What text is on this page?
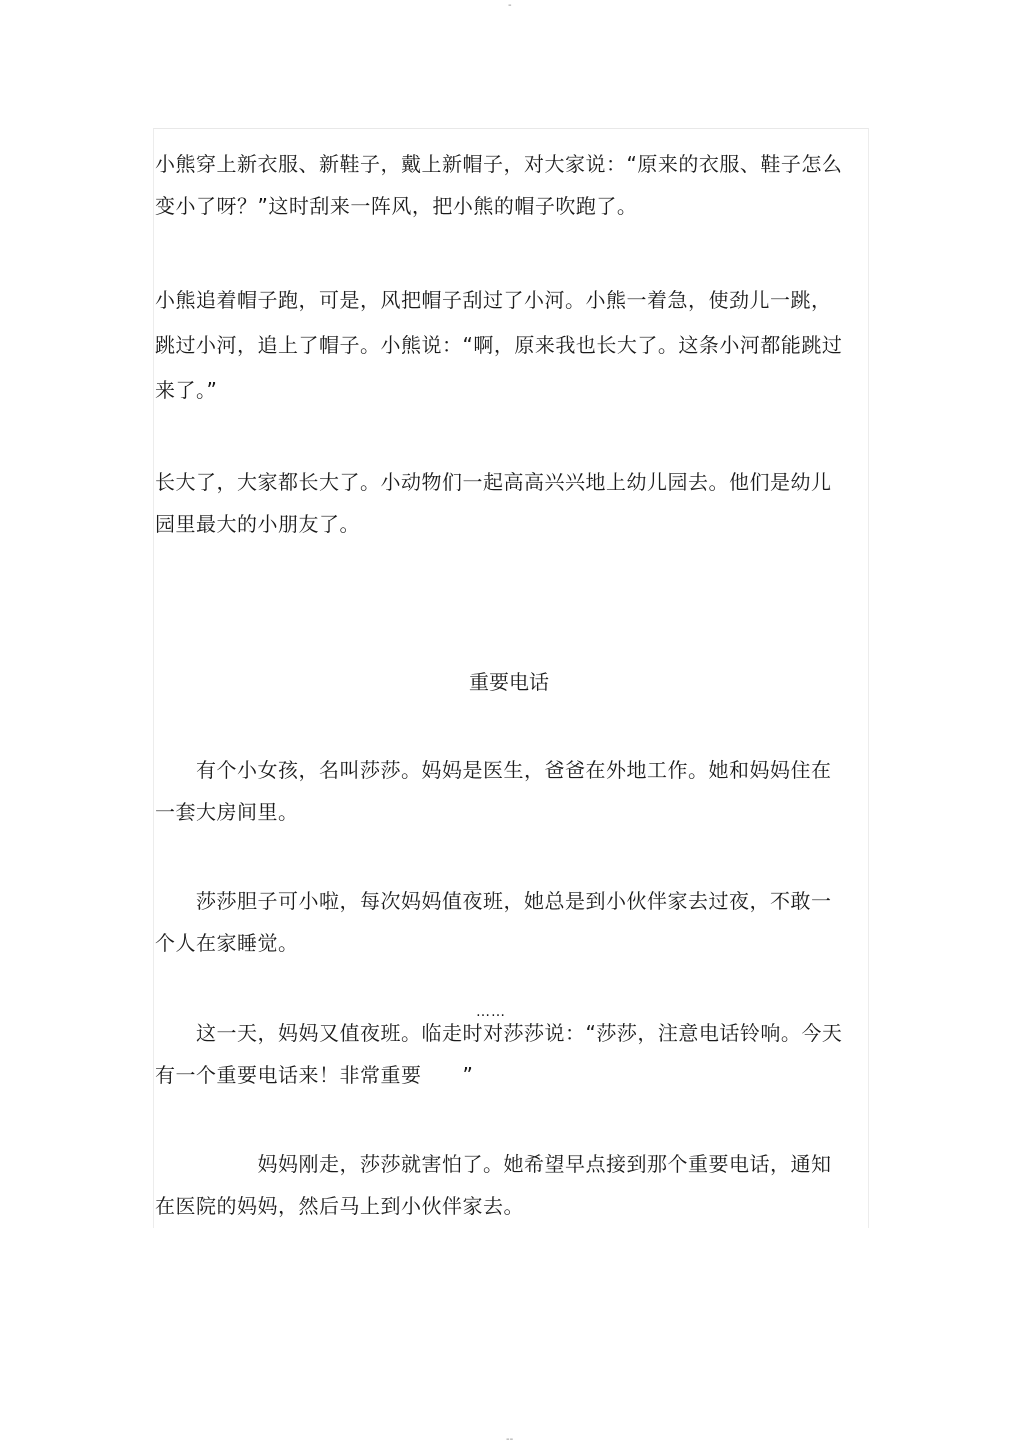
-

小熊穿上新衣服、新鞋子，戴上新帽子，对大家说：“原来的衣服、鞋子怎么变小了呀？”这时刮来一阵风，把小熊的帽子吹跑了。

小熊追着帽子跑，可是，风把帽子刮过了小河。小熊一着急，使劲儿一跳，跳过小河，追上了帽子。小熊说：“啊，原来我也长大了。这条小河都能跳过来了。”

长大了，大家都长大了。小动物们一起高高兴兴地上幼儿园去。他们是幼儿园里最大的小朋友了。

重要电话

　　有个小女孩，名叫莎莎。妈妈是医生，爸爸在外地工作。她和妈妈住在一套大房间里。

　　莎莎胆子可小啦，每次妈妈值夜班，她总是到小伙伴家去过夜，不敢一个人在家睡觉。

……

　　这一天，妈妈又值夜班。临走时对莎莎说：“莎莎，注意电话铃响。今天有一个重要电话来！非常重要　　”

　　　　　妈妈刚走，莎莎就害怕了。她希望早点接到那个重要电话，通知在医院的妈妈，然后马上到小伙伴家去。

--
